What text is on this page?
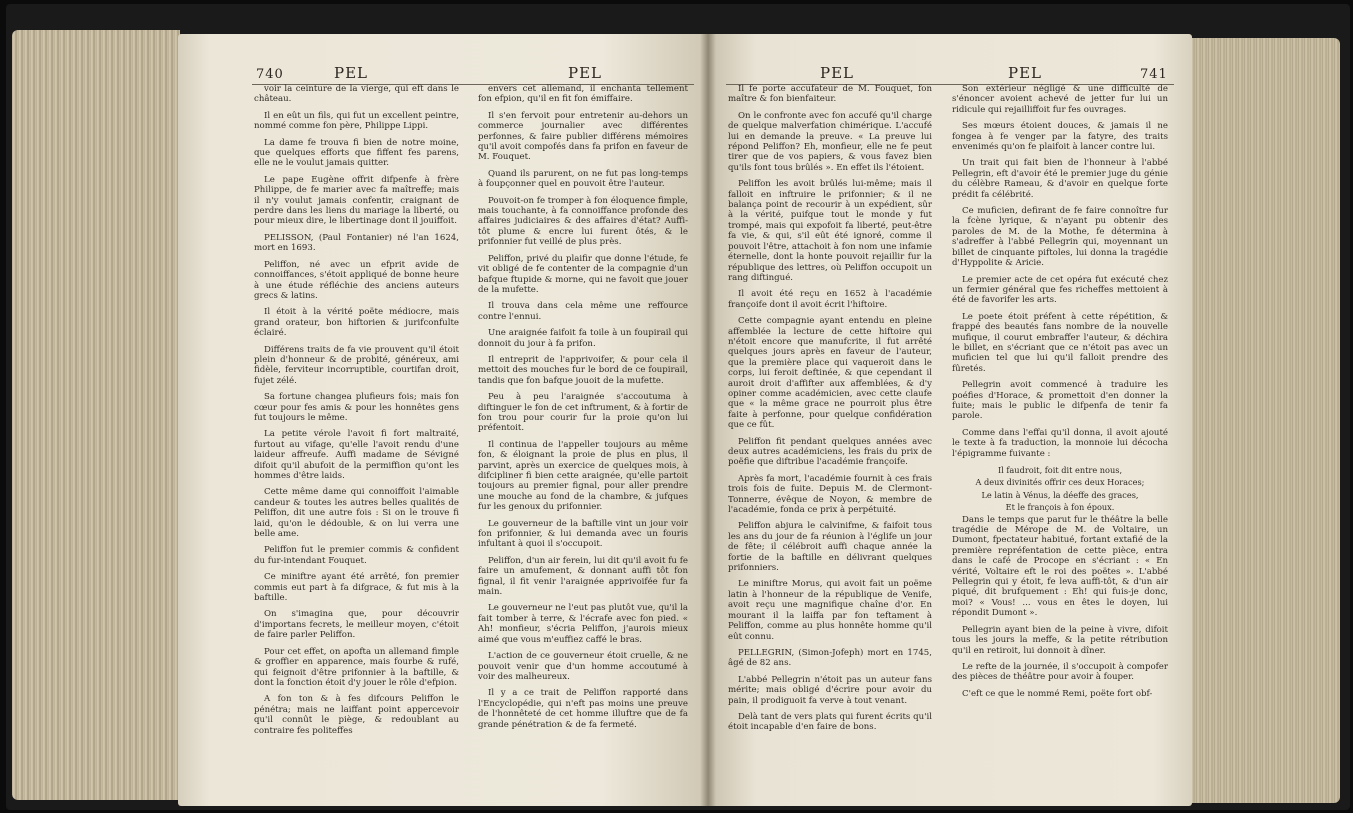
740	PEL	PEL

voir la ceinture de la vierge, qui eft dans le château.

Il en eût un fils, qui fut un excellent peintre, nommé comme fon père, Philippe Lippi.

La dame fe trouva fi bien de notre moine, que quelques efforts que fiffent fes parens, elle ne le voulut jamais quitter.

Le pape Eugène offrit difpenfe à frère Philippe, de fe marier avec fa maîtreffe; mais il n'y voulut jamais confentir, craignant de perdre dans les liens du mariage la liberté, ou pour mieux dire, le libertinage dont il jouiffoit.

PELISSON, (Paul Fontanier) né l'an 1624, mort en 1693.

Peliffon, né avec un efprit avide de connoiffances, s'étoit appliqué de bonne heure à une étude réfléchie des anciens auteurs grecs & latins.

Il étoit à la vérité poëte médiocre, mais grand orateur, bon hiftorien & jurifconfulte éclairé.

Différens traits de fa vie prouvent qu'il étoit plein d'honneur & de probité, généreux, ami fidèle, ferviteur incorruptible, courtifan droit, fujet zélé.

Sa fortune changea plufieurs fois; mais fon cœur pour fes amis & pour les honnêtes gens fut toujours le même.

La petite vérole l'avoit fi fort maltraité, furtout au vifage, qu'elle l'avoit rendu d'une laideur affreufe. Auffi madame de Sévigné difoit qu'il abufoit de la permiffion qu'ont les hommes d'être laids.

Cette même dame qui connoiffoit l'aimable candeur & toutes les autres belles qualités de Peliffon, dit une autre fois : Si on le trouve fi laid, qu'on le dédouble, & on lui verra une belle ame.

Peliffon fut le premier commis & confident du fur-intendant Fouquet.

Ce miniftre ayant été arrêté, fon premier commis eut part à fa difgrace, & fut mis à la baftille.

On s'imagina que, pour découvrir d'importans fecrets, le meilleur moyen, c'étoit de faire parler Peliffon.

Pour cet effet, on apofta un allemand fimple & groffier en apparence, mais fourbe & rufé, qui feignoit d'être prifonnier à la baftille, & dont la fonction étoit d'y jouer le rôle d'efpion.

A fon ton & à fes difcours Peliffon le pénétra; mais ne laiffant point appercevoir qu'il connût le piège, & redoublant au contraire fes politeffes

envers cet allemand, il enchanta tellement fon efpion, qu'il en fit fon émiffaire.

Il s'en fervoit pour entretenir au-dehors un commerce journalier avec différentes perfonnes, & faire publier différens mémoires qu'il avoit compofés dans fa prifon en faveur de M. Fouquet.

Quand ils parurent, on ne fut pas long-temps à foupçonner quel en pouvoit être l'auteur.

Pouvoit-on fe tromper à fon éloquence fimple, mais touchante, à fa connoiffance profonde des affaires judiciaires & des affaires d'état? Auffi-tôt plume & encre lui furent ôtés, & le prifonnier fut veillé de plus près.

Peliffon, privé du plaifir que donne l'étude, fe vit obligé de fe contenter de la compagnie d'un bafque ftupide & morne, qui ne favoit que jouer de la mufette.

Il trouva dans cela même une reffource contre l'ennui.

Une araignée faifoit fa toile à un foupirail qui donnoit du jour à fa prifon.

Il entreprit de l'apprivoifer, & pour cela il mettoit des mouches fur le bord de ce foupirail, tandis que fon bafque jouoit de la mufette.

Peu à peu l'araignée s'accoutuma à diftinguer le fon de cet inftrument, & à fortir de fon trou pour courir fur la proie qu'on lui préfentoit.

Il continua de l'appeller toujours au même fon, & éloignant la proie de plus en plus, il parvint, après un exercice de quelques mois, à difcipliner fi bien cette araignée, qu'elle partoit toujours au premier fignal, pour aller prendre une mouche au fond de la chambre, & jufques fur les genoux du prifonnier.

Le gouverneur de la baftille vint un jour voir fon prifonnier, & lui demanda avec un fouris infultant à quoi il s'occupoit.

Peliffon, d'un air ferein, lui dit qu'il avoit fu fe faire un amufement, & donnant auffi tôt fon fignal, il fit venir l'araignée apprivoifée fur fa main.

Le gouverneur ne l'eut pas plutôt vue, qu'il la fait tomber à terre, & l'écrafe avec fon pied. « Ah! monfieur, s'écria Peliffon, j'aurois mieux aimé que vous m'euffiez caffé le bras.

L'action de ce gouverneur étoit cruelle, & ne pouvoit venir que d'un homme accoutumé à voir des malheureux.

Il y a ce trait de Peliffon rapporté dans l'Encyclopédie, qui n'eft pas moins une preuve de l'honnêteté de cet homme illuftre que de fa grande pénétration & de fa fermeté.

PEL	PEL	741

Il fe porte accufateur de M. Fouquet, fon maître & fon bienfaiteur.

On le confronte avec fon accufé qu'il charge de quelque malverfation chimérique. L'accufé lui en demande la preuve. « La preuve lui répond Peliffon? Eh, monfieur, elle ne fe peut tirer que de vos papiers, & vous favez bien qu'ils font tous brûlés ». En effet ils l'étoient.

Peliffon les avoit brûlés lui-même; mais il falloit en inftruire le prifonnier; & il ne balança point de recourir à un expédient, sûr à la vérité, puifque tout le monde y fut trompé, mais qui expofoit fa liberté, peut-être fa vie, & qui, s'il eût été ignoré, comme il pouvoit l'être, attachoit à fon nom une infamie éternelle, dont la honte pouvoit rejaillir fur la république des lettres, où Peliffon occupoit un rang diftingué.

Il avoit été reçu en 1652 à l'académie françoife dont il avoit écrit l'hiftoire.

Cette compagnie ayant entendu en pleine affemblée la lecture de cette hiftoire qui n'étoit encore que manufcrite, il fut arrêté quelques jours après en faveur de l'auteur, que la première place qui vaqueroit dans le corps, lui feroit deftinée, & que cependant il auroit droit d'affifter aux affemblées, & d'y opiner comme académicien, avec cette claufe que « la même grace ne pourroit plus être faite à perfonne, pour quelque confidération que ce fût.

Peliffon fit pendant quelques années avec deux autres académiciens, les frais du prix de poëfie que diftribue l'académie françoife.

Après fa mort, l'académie fournit à ces frais trois fois de fuite. Depuis M. de Clermont-Tonnerre, évêque de Noyon, & membre de l'académie, fonda ce prix à perpétuité.

Peliffon abjura le calvinifme, & faifoit tous les ans du jour de fa réunion à l'églife un jour de fête; il célébroit auffi chaque année la fortie de la baftille en délivrant quelques prifonniers.

Le miniftre Morus, qui avoit fait un poëme latin à l'honneur de la république de Venife, avoit reçu une magnifique chaîne d'or. En mourant il la laiffa par fon teftament à Peliffon, comme au plus honnête homme qu'il eût connu.

PELLEGRIN, (Simon-Jofeph) mort en 1745, âgé de 82 ans.

L'abbé Pellegrin n'étoit pas un auteur fans mérite; mais obligé d'écrire pour avoir du pain, il prodiguoit fa verve à tout venant.

Delà tant de vers plats qui furent écrits qu'il étoit incapable d'en faire de bons.

Son extérieur négligé & une difficulté de s'énoncer avoient achevé de jetter fur lui un ridicule qui rejailliffoit fur fes ouvrages.

Ses mœurs étoient douces, & jamais il ne fongea à fe venger par la fatyre, des traits envenimés qu'on fe plaifoit à lancer contre lui.

Un trait qui fait bien de l'honneur à l'abbé Pellegrin, eft d'avoir été le premier juge du génie du célèbre Rameau, & d'avoir en quelque forte prédit fa célébrité.

Ce muficien, defirant de fe faire connoître fur la fcène lyrique, & n'ayant pu obtenir des paroles de M. de la Mothe, fe détermina à s'adreffer à l'abbé Pellegrin qui, moyennant un billet de cinquante piftoles, lui donna la tragédie d'Hyppolite & Aricie.

Le premier acte de cet opéra fut exécuté chez un fermier général que fes richeffes mettoient à été de favorifer les arts.

Le poete étoit préfent à cette répétition, & frappé des beautés fans nombre de la nouvelle mufique, il courut embraffer l'auteur, & déchira le billet, en s'écriant que ce n'étoit pas avec un muficien tel que lui qu'il falloit prendre des fûretés.

Pellegrin avoit commencé à traduire les poéfies d'Horace, & promettoit d'en donner la fuite; mais le public le difpenfa de tenir fa parole.

Comme dans l'effai qu'il donna, il avoit ajouté le texte à fa traduction, la monnoie lui décocha l'épigramme fuivante :

Il faudroit, foit dit entre nous,

A deux divinités offrir ces deux Horaces;

Le latin à Vénus, la déeffe des graces,

Et le françois à fon époux.

Dans le temps que parut fur le théâtre la belle tragédie de Mérope de M. de Voltaire, un Dumont, fpectateur habitué, fortant extafié de la première repréfentation de cette pièce, entra dans le café de Procope en s'écriant : « En vérité, Voltaire eft le roi des poëtes ». L'abbé Pellegrin qui y étoit, fe leva auffi-tôt, & d'un air piqué, dit brufquement : Eh! qui fuis-je donc, moi? « Vous! ... vous en êtes le doyen, lui répondit Dumont ».

Pellegrin ayant bien de la peine à vivre, difoit tous les jours la meffe, & la petite rétribution qu'il en retiroit, lui donnoit à dîner.

Le refte de la journée, il s'occupoit à compofer des pièces de théâtre pour avoir à fouper.

C'eft ce que le nommé Remi, poëte fort obf-
